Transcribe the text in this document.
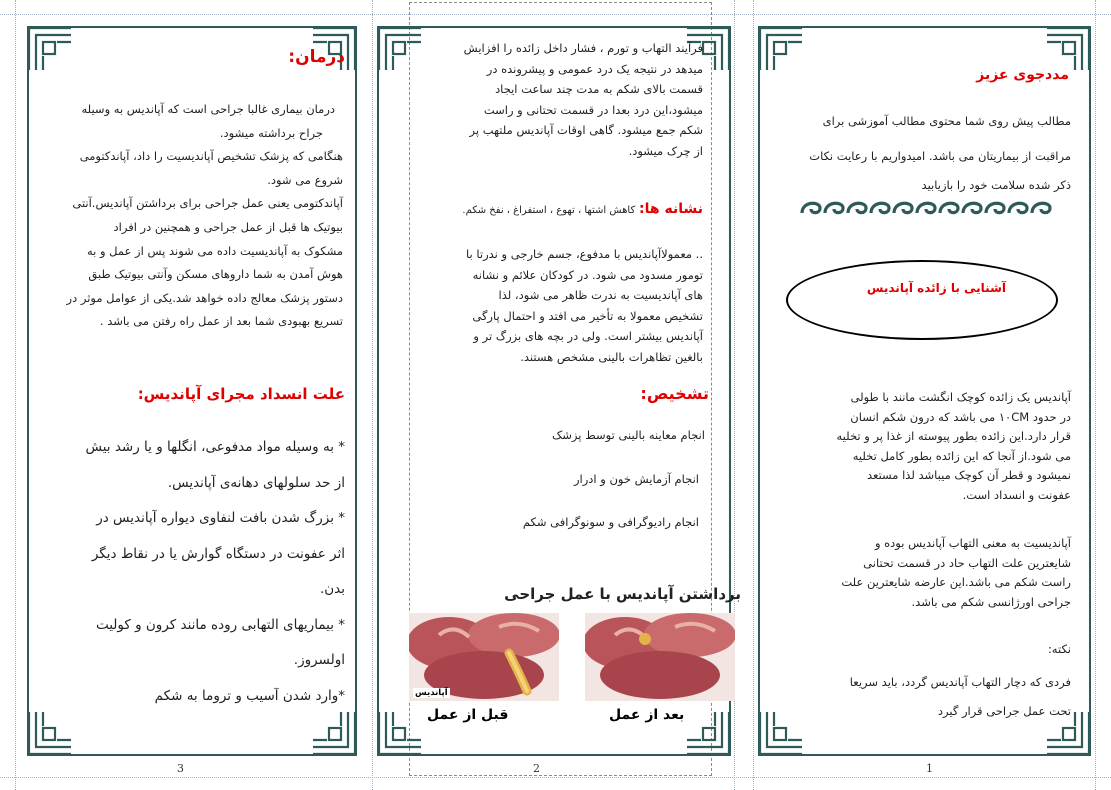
درمان:
درمان بیماری غالبا جراحی است که آپاندیس به وسیله
جراح برداشته میشود.
هنگامی که پزشک تشخیص آپاندیسیت را داد، آپاندکتومی
شروع می شود.
آپاندکتومی یعنی عمل جراحی برای برداشتن آپاندیس.آنتی
بیوتیک ها قبل از عمل جراحی و همچنین در افراد
مشکوک به آپاندیسیت داده می شوند پس از عمل و به
هوش آمدن به شما داروهای مسکن وآنتی بیوتیک طبق
دستور پزشک معالج داده خواهد شد.یکی از عوامل موثر در
تسریع بهبودی شما بعد از عمل راه رفتن می باشد .
علت انسداد مجرای آپاندیس:
* به وسیله مواد مدفوعی، انگلها و یا رشد بیش
از حد سلولهای دهانه‌ی آپاندیس.
* بزرگ شدن بافت لنفاوی دیواره آپاندیس در
اثر عفونت در دستگاه گوارش یا در نقاط دیگر
بدن.
* بیماریهای التهابی روده مانند کرون و کولیت
اولسروز.
*وارد شدن آسیب و تروما به شکم
3
فرآیند التهاب و تورم ، فشار داخل زائده را افزایش
میدهد در نتیجه یک درد عمومی و پیشرونده در
قسمت بالای شکم به مدت چند ساعت ایجاد
میشود،این درد بعدا در قسمت تحتانی و راست
شکم جمع میشود. گاهی اوقات آپاندیس ملتهب پر
از چرک میشود.
نشانه ها: کاهش اشتها ، تهوع ، استفراغ ، نفخ شکم.
.. معمولاآپاندیس با مدفوع، جسم خارجی و ندرتا با
تومور مسدود می شود. در کودکان علائم و نشانه
های آپاندیسیت به ندرت ظاهر می شود، لذا
تشخیص معمولا به تأخیر می افتد و احتمال پارگی
آپاندیس بیشتر است. ولی در بچه های بزرگ تر و
بالغین تظاهرات بالینی مشخص هستند.
تشخیص:
انجام معاینه بالینی توسط پزشک
انجام آزمایش خون و ادرار
انجام رادیوگرافی و سونوگرافی شکم
برداشتن آپاندیس با عمل جراحی
آپاندیس
قبل از عمل	بعد از عمل
2
مددجوی عزیز
مطالب پیش روی شما محتوی مطالب آموزشی برای
مراقبت از بیماریتان می باشد. امیدواریم با رعایت نکات
ذکر شده سلامت خود را بازیابید
آشنایی با زائده آپاندیس
آپاندیس یک زائده کوچک انگشت مانند با طولی
در حدود ۱۰CM می باشد که درون شکم انسان
قرار دارد.این زائده بطور پیوسته از غذا پر و تخلیه
می شود.از آنجا که این زائده بطور کامل تخلیه
نمیشود و قطر آن کوچک میباشد لذا مستعد
عفونت و انسداد است.
آپاندیسیت به معنی التهاب آپاندیس بوده و
شایعترین علت التهاب حاد در قسمت تحتانی
راست شکم می باشد.این عارضه شایعترین علت
جراحی اورژانسی شکم می باشد.
نکته:
فردی که دچار التهاب آپاندیس گردد، باید سریعا
تحت عمل جراحی قرار گیرد
1
